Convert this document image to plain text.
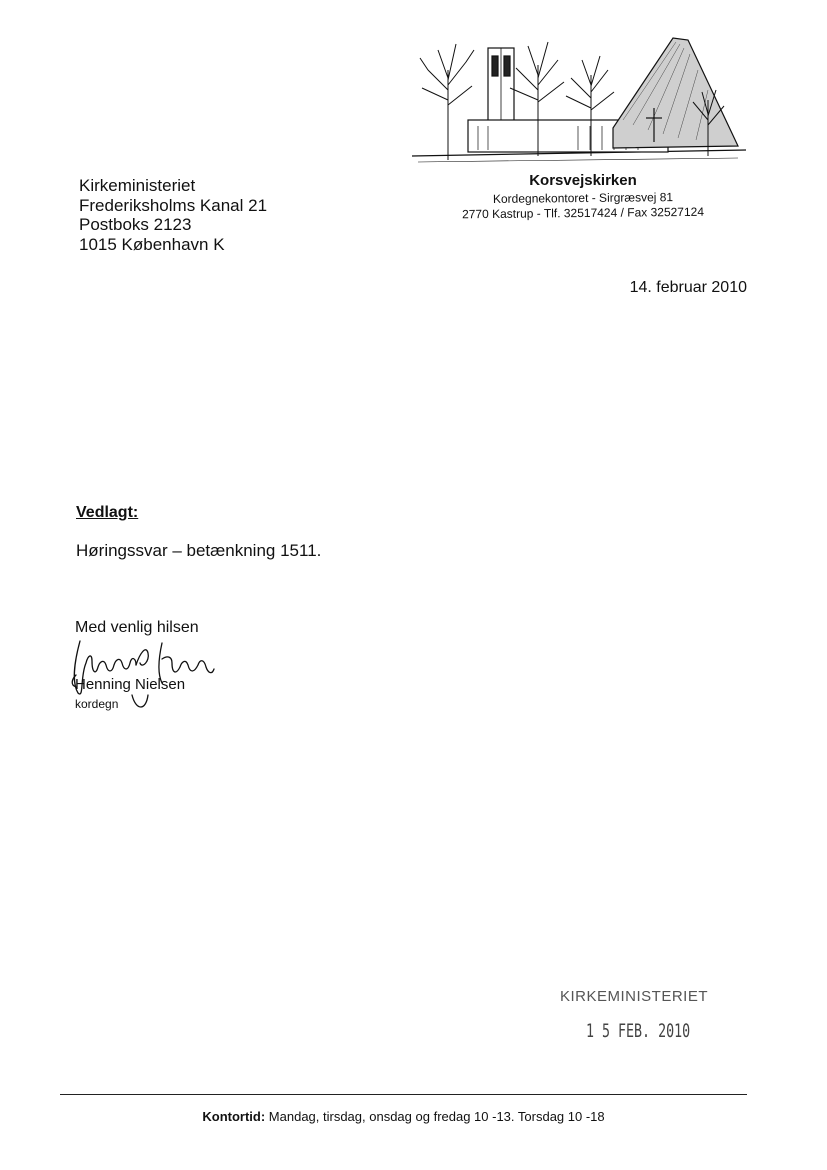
Kirkeministeriet
Frederiksholms Kanal 21
Postboks 2123
1015 København K
Korsvejskirken
Kordegnekontoret - Sirgræsvej 81
2770 Kastrup - Tlf. 32517424 / Fax 32527124
14. februar 2010
Vedlagt:
Høringssvar – betænkning 1511.
Med venlig hilsen
Henning Nielsen
kordegn
KIRKEMINISTERIET
1 5 FEB. 2010
Kontortid: Mandag, tirsdag, onsdag og fredag 10 -13. Torsdag 10 -18
